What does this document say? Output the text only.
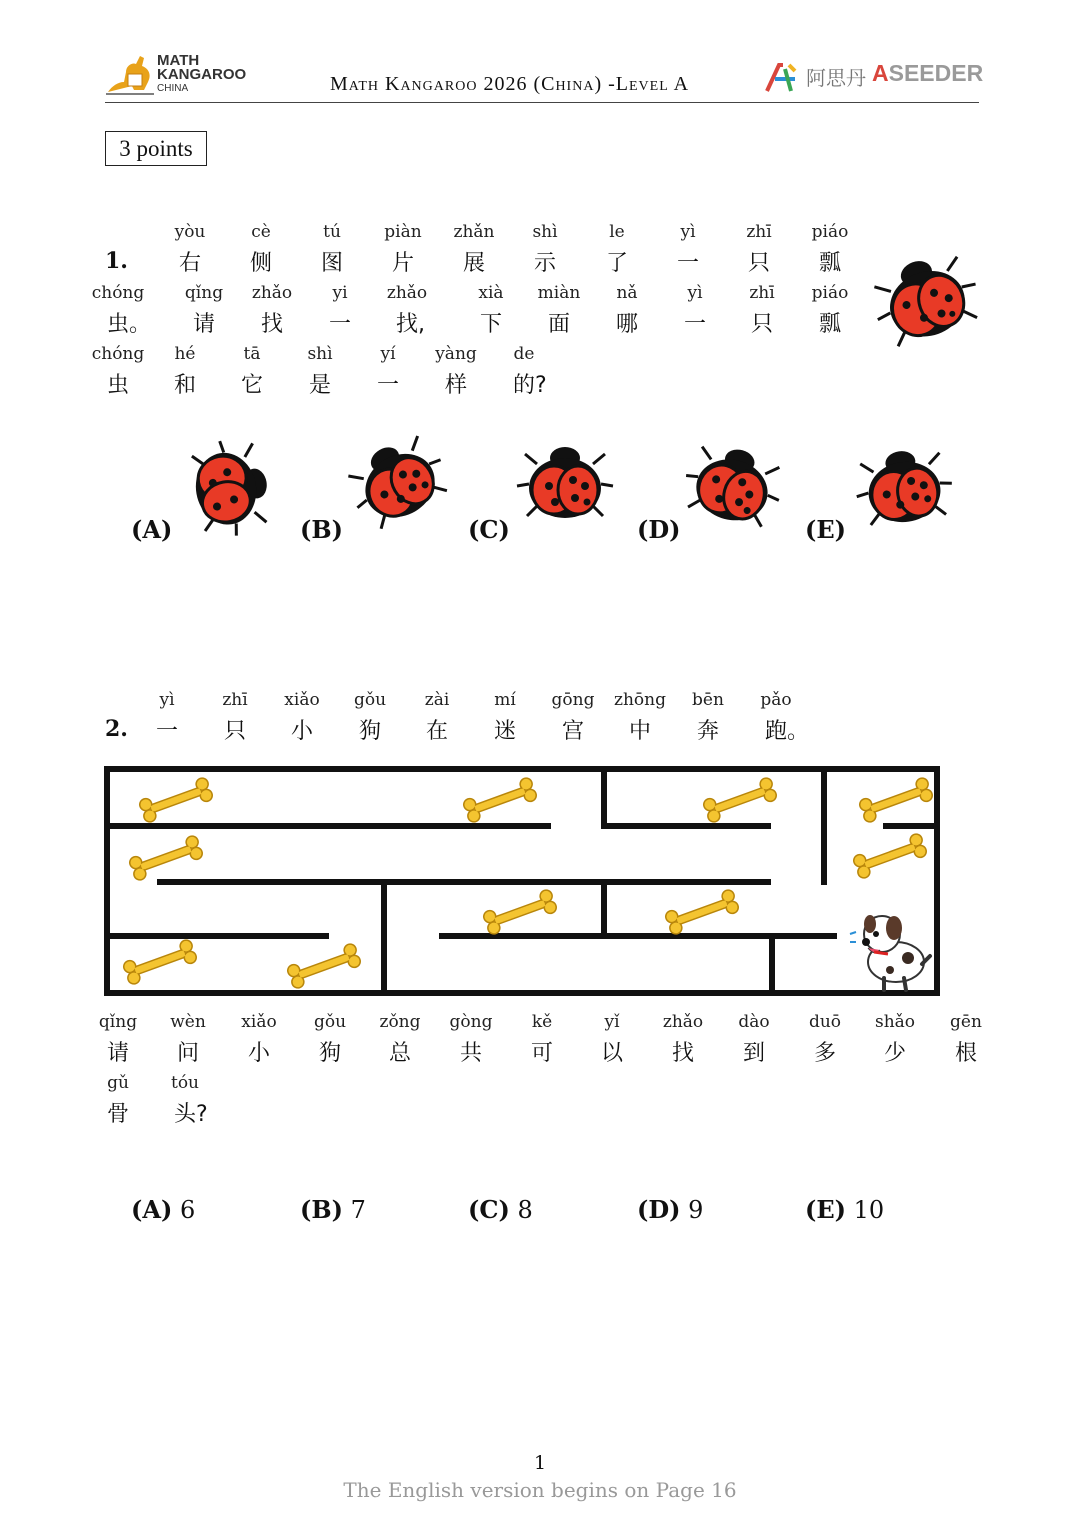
MATH
KANGAROO
CHINA	Math Kangaroo 2026 (China) -Level A	阿思丹 ASEEDER
3 points
1.
yòu
右
cè
侧
tú
图
piàn
片
zhǎn
展
shì
示
le
了
yì
一
zhī
只
piáo
瓢
chóng
虫。
qǐng
请
zhǎo
找
yi
一
zhǎo
找,
xià
下
miàn
面
nǎ
哪
yì
一
zhī
只
piáo
瓢
chóng
虫
hé
和
tā
它
shì
是
yí
一
yàng
样
de
的?
(A)	(B)	(C)	(D)	(E)
2.
yì
一
zhī
只
xiǎo
小
gǒu
狗
zài
在
mí
迷
gōng
宫
zhōng
中
bēn
奔
pǎo
跑。
qǐng
请
wèn
问
xiǎo
小
gǒu
狗
zǒng
总
gòng
共
kě
可
yǐ
以
zhǎo
找
dào
到
duō
多
shǎo
少
gēn
根
gǔ
骨
tóu
头?
(A) 6	(B) 7	(C) 8	(D) 9	(E) 10
1
The English version begins on Page 16
